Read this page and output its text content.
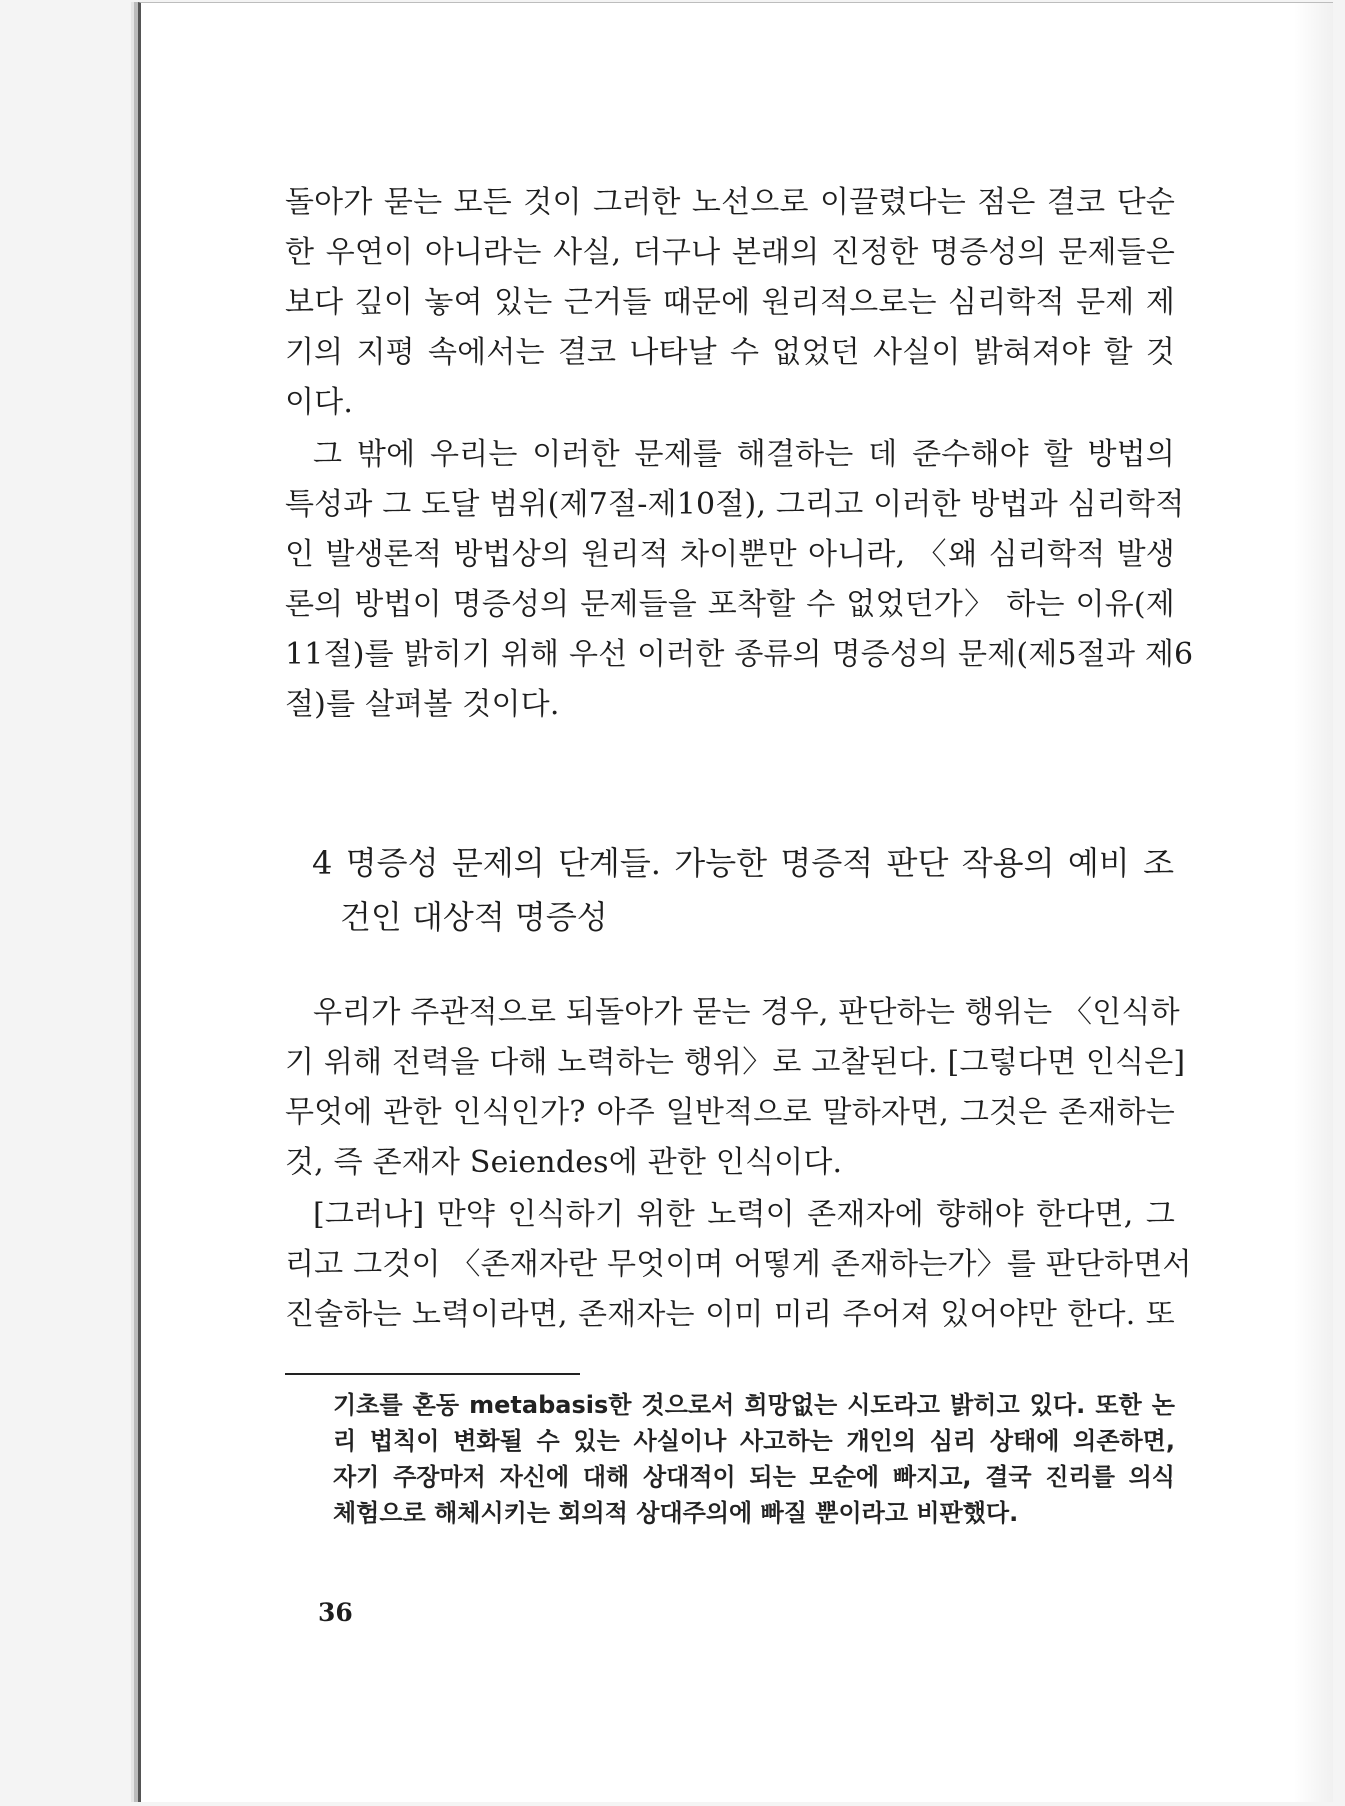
돌아가 묻는 모든 것이 그러한 노선으로 이끌렸다는 점은 결코 단순
한 우연이 아니라는 사실, 더구나 본래의 진정한 명증성의 문제들은
보다 깊이 놓여 있는 근거들 때문에 원리적으로는 심리학적 문제 제
기의 지평 속에서는 결코 나타날 수 없었던 사실이 밝혀져야 할 것
이다.
그 밖에 우리는 이러한 문제를 해결하는 데 준수해야 할 방법의
특성과 그 도달 범위(제7절-제10절), 그리고 이러한 방법과 심리학적
인 발생론적 방법상의 원리적 차이뿐만 아니라, 〈왜 심리학적 발생
론의 방법이 명증성의 문제들을 포착할 수 없었던가〉 하는 이유(제
11절)를 밝히기 위해 우선 이러한 종류의 명증성의 문제(제5절과 제6
절)를 살펴볼 것이다.
4 명증성 문제의 단계들. 가능한 명증적 판단 작용의 예비 조
건인 대상적 명증성
우리가 주관적으로 되돌아가 묻는 경우, 판단하는 행위는 〈인식하
기 위해 전력을 다해 노력하는 행위〉로 고찰된다. [그렇다면 인식은]
무엇에 관한 인식인가? 아주 일반적으로 말하자면, 그것은 존재하는
것, 즉 존재자 Seiendes에 관한 인식이다.
[그러나] 만약 인식하기 위한 노력이 존재자에 향해야 한다면, 그
리고 그것이 〈존재자란 무엇이며 어떻게 존재하는가〉를 판단하면서
진술하는 노력이라면, 존재자는 이미 미리 주어져 있어야만 한다. 또
기초를 혼동 metabasis한 것으로서 희망없는 시도라고 밝히고 있다. 또한 논
리 법칙이 변화될 수 있는 사실이나 사고하는 개인의 심리 상태에 의존하면,
자기 주장마저 자신에 대해 상대적이 되는 모순에 빠지고, 결국 진리를 의식
체험으로 해체시키는 회의적 상대주의에 빠질 뿐이라고 비판했다.
36
